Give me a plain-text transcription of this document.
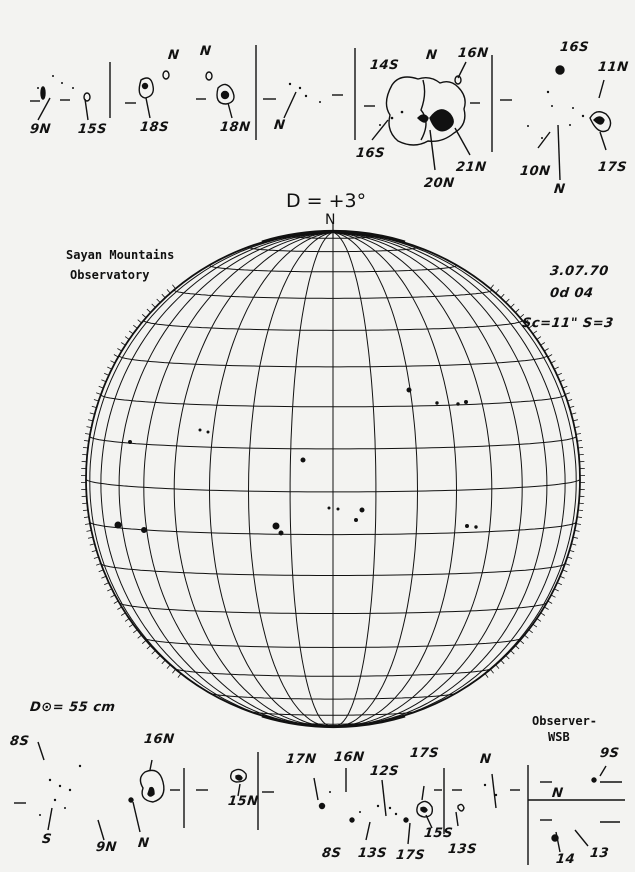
D = +3°
N
Sayan Mountains
Observatory	3.07.70
0d 04
Sc=11" S=3
D⊙= 55 cm
Observer-
WSB
9N 15S
N
18S
N
18N N
14S
N 16N
16S
21N
20N
16S
11N
10N
N
17S
8S	16N
S
9N N
15N
17N 16N
12S
17S
8S 13S 17S
15S
13S
N	9S
N
14 13
